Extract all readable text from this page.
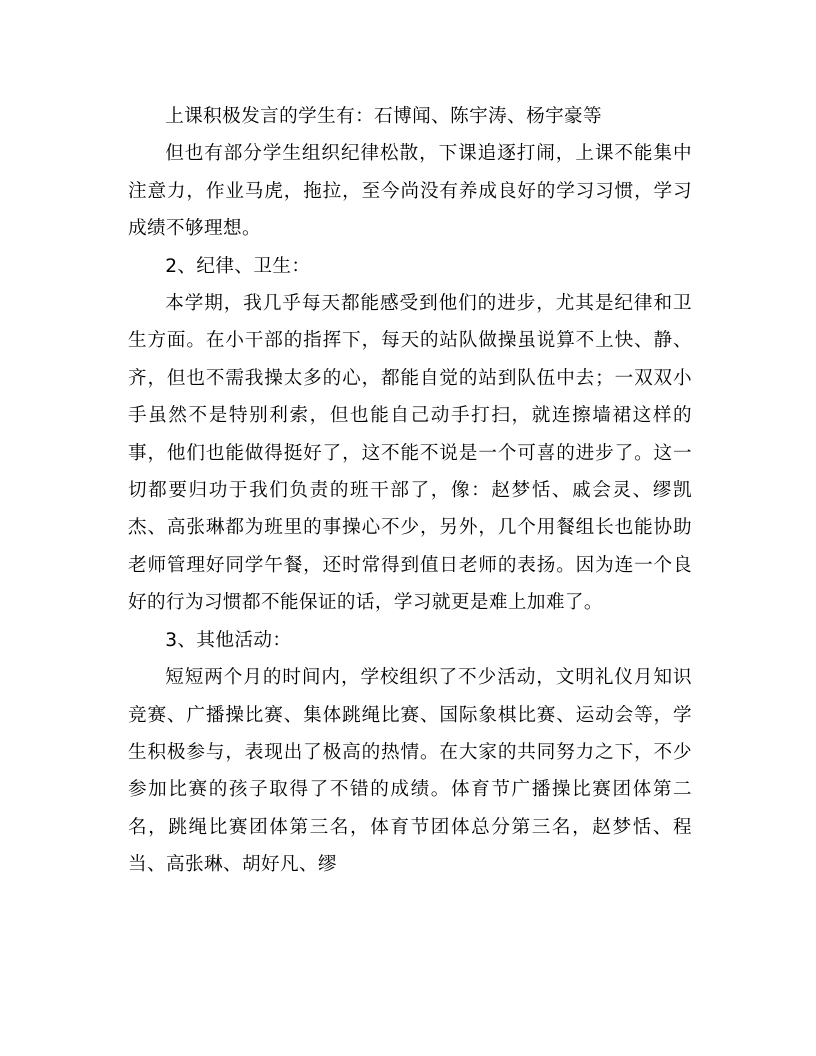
上课积极发言的学生有：石博闻、陈宇涛、杨宇豪等

但也有部分学生组织纪律松散，下课追逐打闹，上课不能集中注意力，作业马虎，拖拉，至今尚没有养成良好的学习习惯，学习成绩不够理想。

2、纪律、卫生：

本学期，我几乎每天都能感受到他们的进步，尤其是纪律和卫生方面。在小干部的指挥下，每天的站队做操虽说算不上快、静、齐，但也不需我操太多的心，都能自觉的站到队伍中去；一双双小手虽然不是特别利索，但也能自己动手打扫，就连擦墙裙这样的事，他们也能做得挺好了，这不能不说是一个可喜的进步了。这一切都要归功于我们负责的班干部了，像：赵梦恬、戚会灵、缪凯杰、高张琳都为班里的事操心不少，另外，几个用餐组长也能协助老师管理好同学午餐，还时常得到值日老师的表扬。因为连一个良好的行为习惯都不能保证的话，学习就更是难上加难了。

3、其他活动：

短短两个月的时间内，学校组织了不少活动，文明礼仪月知识竞赛、广播操比赛、集体跳绳比赛、国际象棋比赛、运动会等，学生积极参与，表现出了极高的热情。在大家的共同努力之下，不少参加比赛的孩子取得了不错的成绩。体育节广播操比赛团体第二名，跳绳比赛团体第三名，体育节团体总分第三名，赵梦恬、程当、高张琳、胡好凡、缪
